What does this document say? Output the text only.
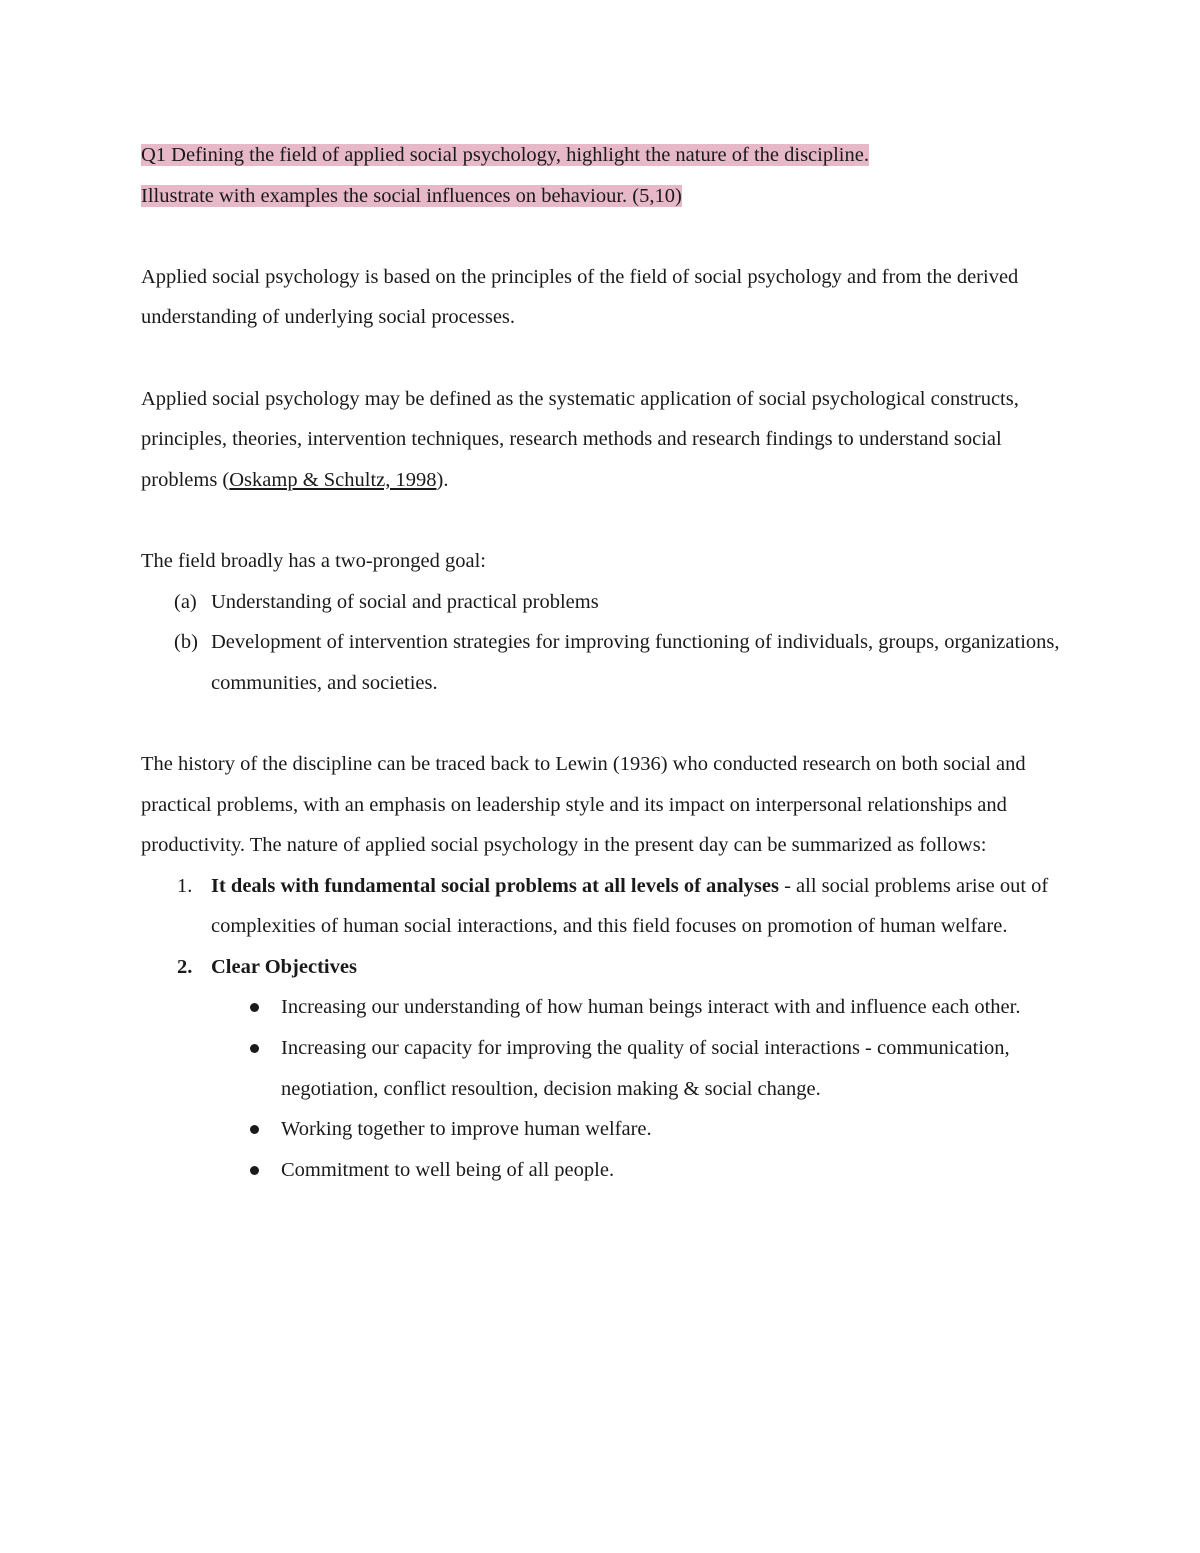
Q1 Defining the field of applied social psychology, highlight the nature of the discipline.
Illustrate with examples the social influences on behaviour. (5,10)

Applied social psychology is based on the principles of the field of social psychology and from the derived understanding of underlying social processes.

Applied social psychology may be defined as the systematic application of social psychological constructs, principles, theories, intervention techniques, research methods and research findings to understand social problems (Oskamp & Schultz, 1998).

The field broadly has a two-pronged goal:

(a) Understanding of social and practical problems
(b) Development of intervention strategies for improving functioning of individuals, groups, organizations, communities, and societies.

The history of the discipline can be traced back to Lewin (1936) who conducted research on both social and practical problems, with an emphasis on leadership style and its impact on interpersonal relationships and productivity. The nature of applied social psychology in the present day can be summarized as follows:

1. It deals with fundamental social problems at all levels of analyses - all social problems arise out of complexities of human social interactions, and this field focuses on promotion of human welfare.
2. Clear Objectives
Increasing our understanding of how human beings interact with and influence each other.
Increasing our capacity for improving the quality of social interactions - communication, negotiation, conflict resoultion, decision making & social change.
Working together to improve human welfare.
Commitment to well being of all people.
